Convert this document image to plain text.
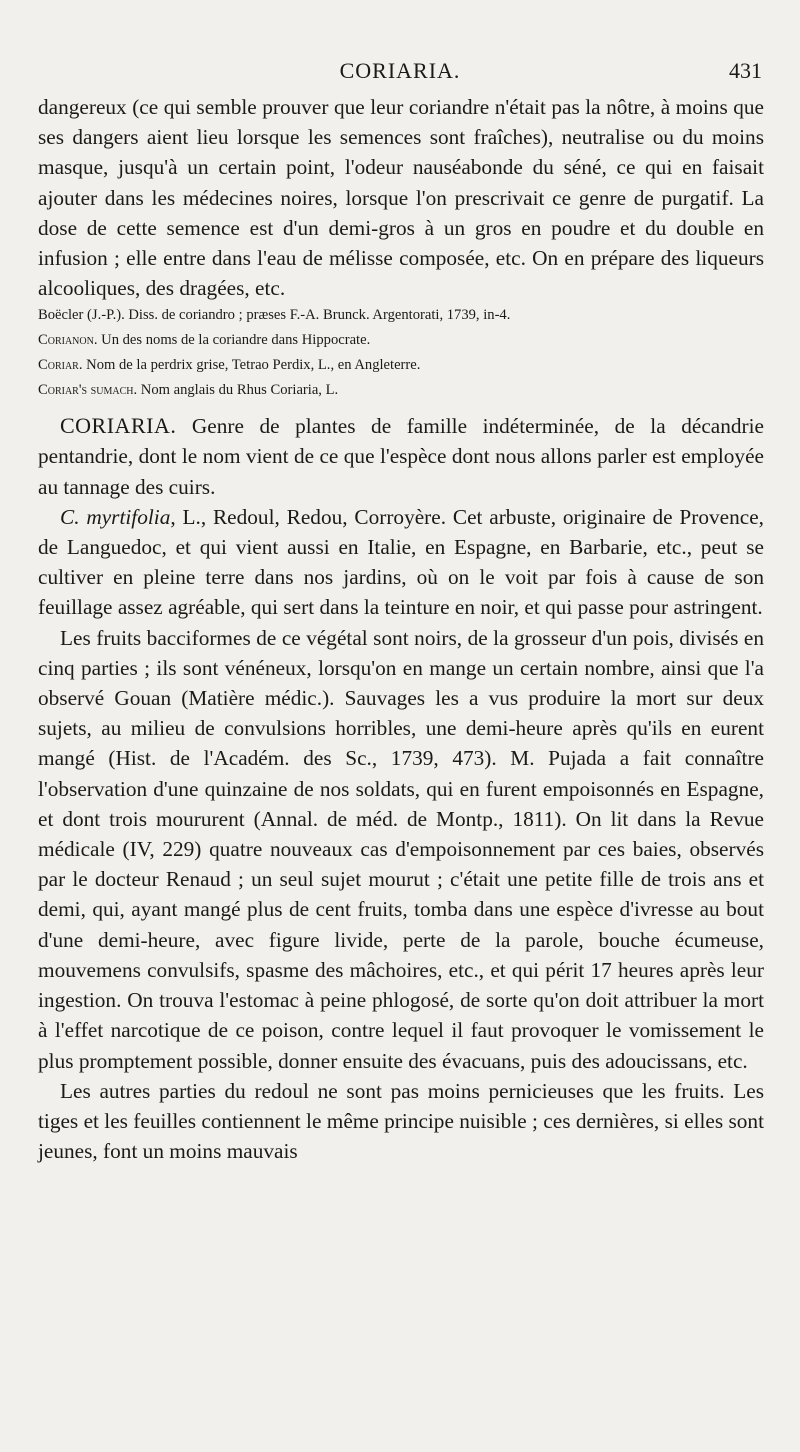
CORIARIA.	431

dangereux (ce qui semble prouver que leur coriandre n'était pas la nôtre, à moins que ses dangers aient lieu lorsque les semences sont fraîches), neutralise ou du moins masque, jusqu'à un certain point, l'odeur nauséabonde du séné, ce qui en faisait ajouter dans les médecines noires, lorsque l'on prescrivait ce genre de purgatif. La dose de cette semence est d'un demi-gros à un gros en poudre et du double en infusion ; elle entre dans l'eau de mélisse composée, etc. On en prépare des liqueurs alcooliques, des dragées, etc.

Boëcler (J.-P.). Diss. de coriandro ; præses F.-A. Brunck. Argentorati, 1739, in-4.

Corianon. Un des noms de la coriandre dans Hippocrate.

Coriar. Nom de la perdrix grise, Tetrao Perdix, L., en Angleterre.

Coriar's sumach. Nom anglais du Rhus Coriaria, L.

CORIARIA. Genre de plantes de famille indéterminée, de la décandrie pentandrie, dont le nom vient de ce que l'espèce dont nous allons parler est employée au tannage des cuirs.

C. myrtifolia, L., Redoul, Redou, Corroyère. Cet arbuste, originaire de Provence, de Languedoc, et qui vient aussi en Italie, en Espagne, en Barbarie, etc., peut se cultiver en pleine terre dans nos jardins, où on le voit par fois à cause de son feuillage assez agréable, qui sert dans la teinture en noir, et qui passe pour astringent.

Les fruits bacciformes de ce végétal sont noirs, de la grosseur d'un pois, divisés en cinq parties ; ils sont vénéneux, lorsqu'on en mange un certain nombre, ainsi que l'a observé Gouan (Matière médic.). Sauvages les a vus produire la mort sur deux sujets, au milieu de convulsions horribles, une demi-heure après qu'ils en eurent mangé (Hist. de l'Académ. des Sc., 1739, 473). M. Pujada a fait connaître l'observation d'une quinzaine de nos soldats, qui en furent empoisonnés en Espagne, et dont trois moururent (Annal. de méd. de Montp., 1811). On lit dans la Revue médicale (IV, 229) quatre nouveaux cas d'empoisonnement par ces baies, observés par le docteur Renaud ; un seul sujet mourut ; c'était une petite fille de trois ans et demi, qui, ayant mangé plus de cent fruits, tomba dans une espèce d'ivresse au bout d'une demi-heure, avec figure livide, perte de la parole, bouche écumeuse, mouvemens convulsifs, spasme des mâchoires, etc., et qui périt 17 heures après leur ingestion. On trouva l'estomac à peine phlogosé, de sorte qu'on doit attribuer la mort à l'effet narcotique de ce poison, contre lequel il faut provoquer le vomissement le plus promptement possible, donner ensuite des évacuans, puis des adoucissans, etc.

Les autres parties du redoul ne sont pas moins pernicieuses que les fruits. Les tiges et les feuilles contiennent le même principe nuisible ; ces dernières, si elles sont jeunes, font un moins mauvais
